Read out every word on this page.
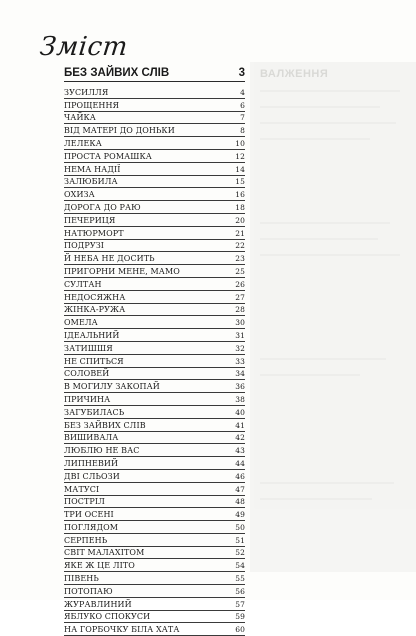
ВАЛЖЕННЯ
Зміст
БЕЗ ЗАЙВИХ СЛІВ	3
ЗУСИЛЛЯ	4
ПРОЩЕННЯ	6
ЧАЙКА	7
ВІД МАТЕРІ ДО ДОНЬКИ	8
ЛЕЛЕКА	10
ПРОСТА РОМАШКА	12
НЕМА НАДІЇ	14
ЗАЛЮБИЛА	15
ОХИЗА	16
ДОРОГА ДО РАЮ	18
ПЕЧЕРИЦЯ	20
НАТЮРМОРТ	21
ПОДРУЗІ	22
Й НЕБА НЕ ДОСИТЬ	23
ПРИГОРНИ МЕНЕ, МАМО	25
СУЛТАН	26
НЕДОСЯЖНА	27
ЖІНКА-РУЖА	28
ОМЕЛА	30
ІДЕАЛЬНИЙ	31
ЗАТИШШЯ	32
НЕ СПИТЬСЯ	33
СОЛОВЕЙ	34
В МОГИЛУ ЗАКОПАЙ	36
ПРИЧИНА	38
ЗАГУБИЛАСЬ	40
БЕЗ ЗАЙВИХ СЛІВ	41
ВИШИВАЛА	42
ЛЮБЛЮ НЕ ВАС	43
ЛИПНЕВИЙ	44
ДВІ СЛЬОЗИ	46
МАТУСІ	47
ПОСТРІЛ	48
ТРИ ОСЕНІ	49
ПОГЛЯДОМ	50
СЕРПЕНЬ	51
СВІТ МАЛАХІТОМ	52
ЯКЕ Ж ЦЕ ЛІТО	54
ПІВЕНЬ	55
ПОТОПАЮ	56
ЖУРАВЛИНИЙ	57
ЯБЛУКО СПОКУСИ	59
НА ГОРБОЧКУ БІЛА ХАТА	60
